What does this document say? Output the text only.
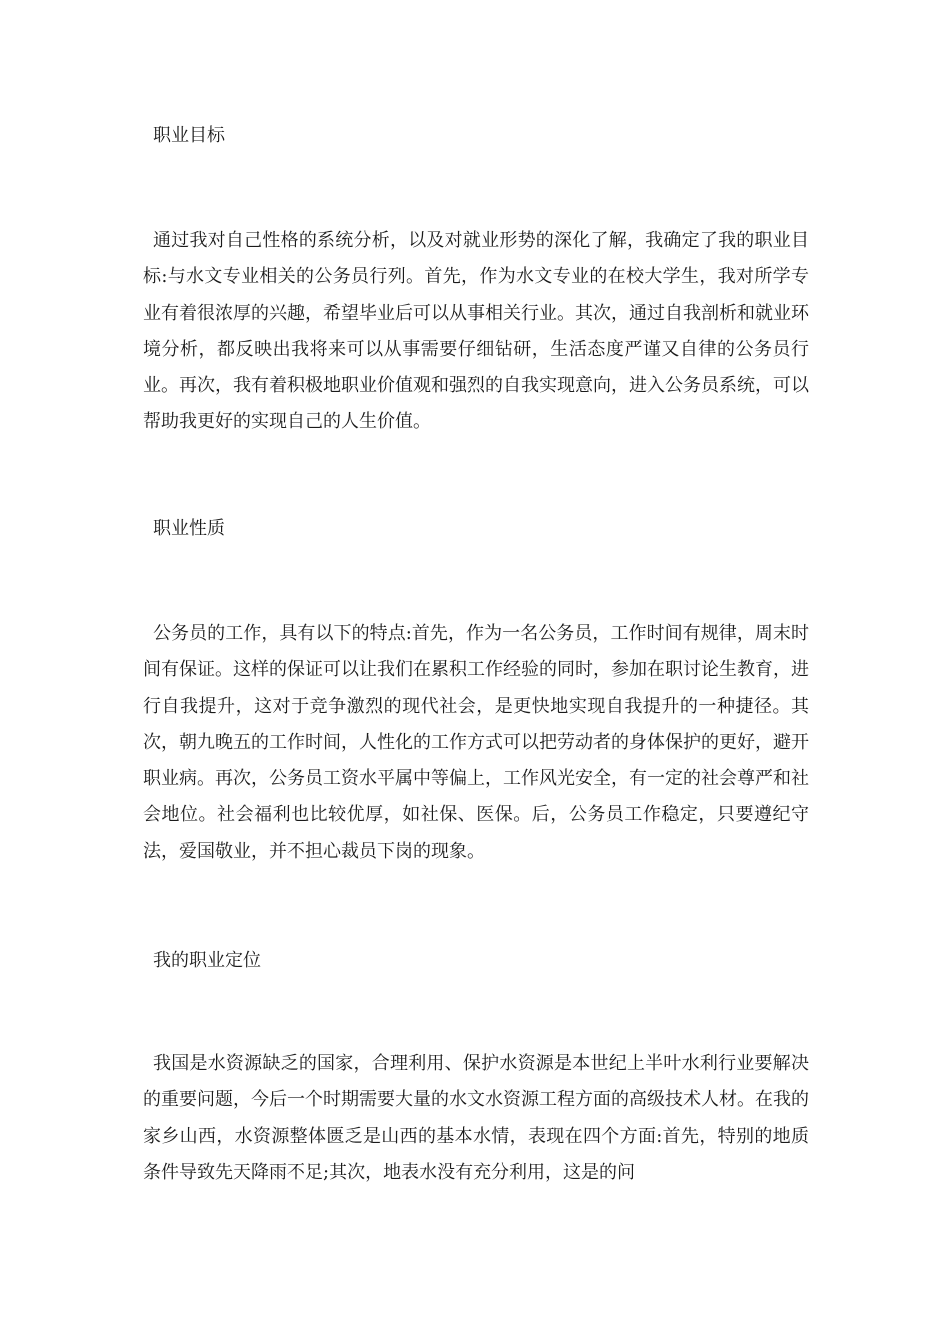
职业目标

通过我对自己性格的系统分析，以及对就业形势的深化了解，我确定了我的职业目标:与水文专业相关的公务员行列。首先，作为水文专业的在校大学生，我对所学专业有着很浓厚的兴趣，希望毕业后可以从事相关行业。其次，通过自我剖析和就业环境分析，都反映出我将来可以从事需要仔细钻研，生活态度严谨又自律的公务员行业。再次，我有着积极地职业价值观和强烈的自我实现意向，进入公务员系统，可以帮助我更好的实现自己的人生价值。

职业性质

公务员的工作，具有以下的特点:首先，作为一名公务员，工作时间有规律，周末时间有保证。这样的保证可以让我们在累积工作经验的同时，参加在职讨论生教育，进行自我提升，这对于竞争激烈的现代社会，是更快地实现自我提升的一种捷径。其次，朝九晚五的工作时间，人性化的工作方式可以把劳动者的身体保护的更好，避开职业病。再次，公务员工资水平属中等偏上，工作风光安全，有一定的社会尊严和社会地位。社会福利也比较优厚，如社保、医保。后，公务员工作稳定，只要遵纪守法，爱国敬业，并不担心裁员下岗的现象。

我的职业定位

我国是水资源缺乏的国家，合理利用、保护水资源是本世纪上半叶水利行业要解决的重要问题，今后一个时期需要大量的水文水资源工程方面的高级技术人材。在我的家乡山西，水资源整体匮乏是山西的基本水情，表现在四个方面:首先，特别的地质条件导致先天降雨不足;其次，地表水没有充分利用，这是的问
